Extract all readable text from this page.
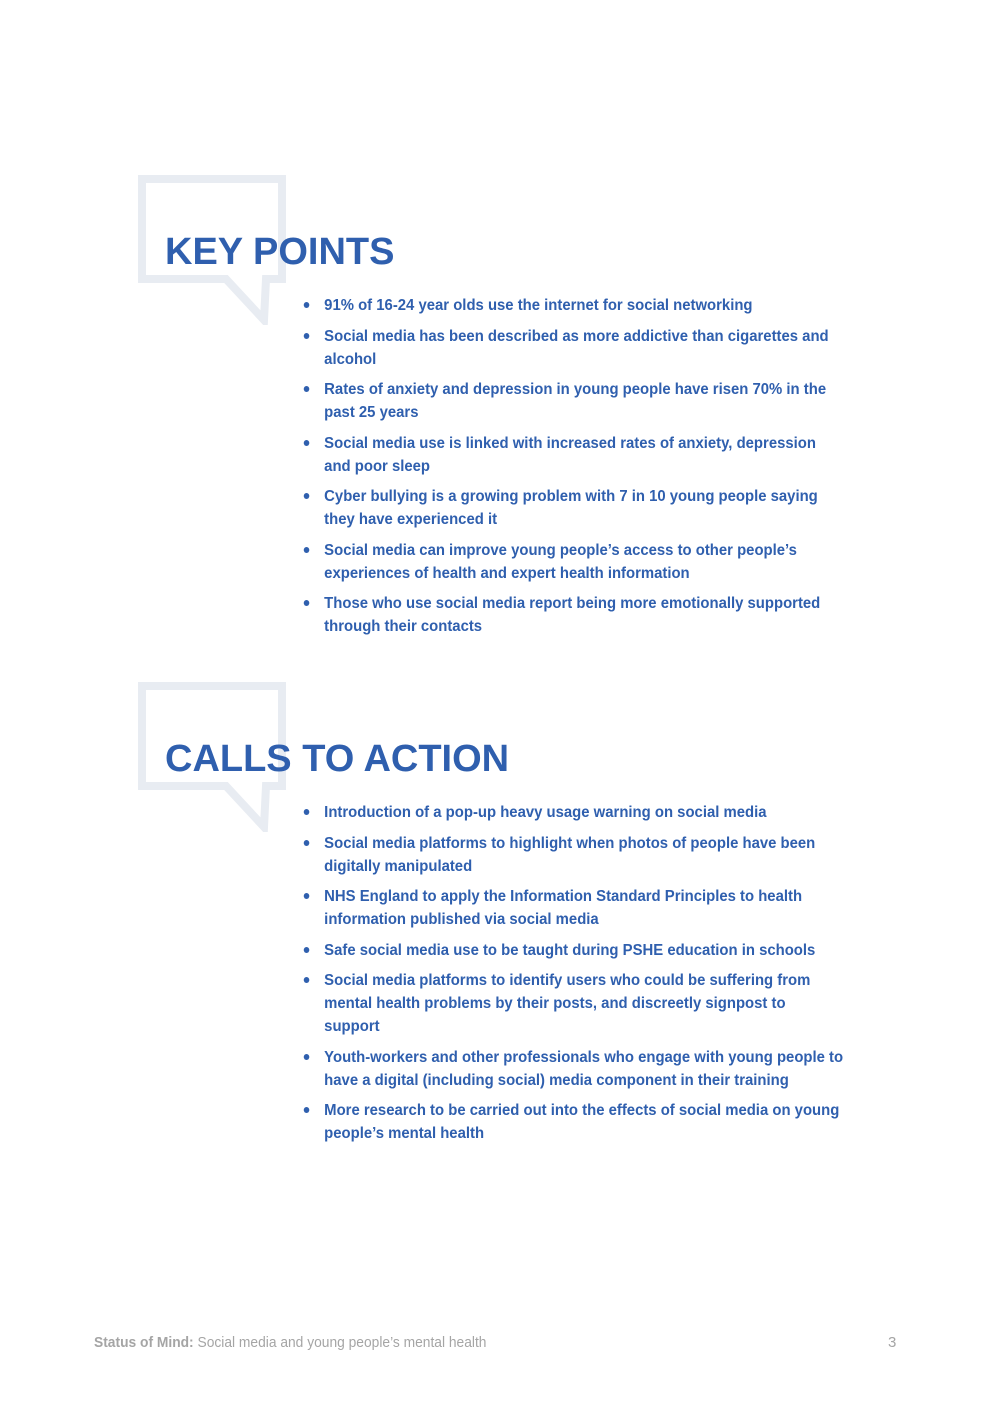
KEY POINTS
91% of 16-24 year olds use the internet for social networking
Social media has been described as more addictive than cigarettes and alcohol
Rates of anxiety and depression in young people have risen 70% in the past 25 years
Social media use is linked with increased rates of anxiety, depression and poor sleep
Cyber bullying is a growing problem with 7 in 10 young people saying they have experienced it
Social media can improve young people’s access to other people’s experiences of health and expert health information
Those who use social media report being more emotionally supported through their contacts
CALLS TO ACTION
Introduction of a pop-up heavy usage warning on social media
Social media platforms to highlight when photos of people have been digitally manipulated
NHS England to apply the Information Standard Principles to health information published via social media
Safe social media use to be taught during PSHE education in schools
Social media platforms to identify users who could be suffering from mental health problems by their posts, and discreetly signpost to support
Youth-workers and other professionals who engage with young people to have a digital (including social) media component in their training
More research to be carried out into the effects of social media on young people’s mental health
Status of Mind: Social media and young people’s mental health	3
